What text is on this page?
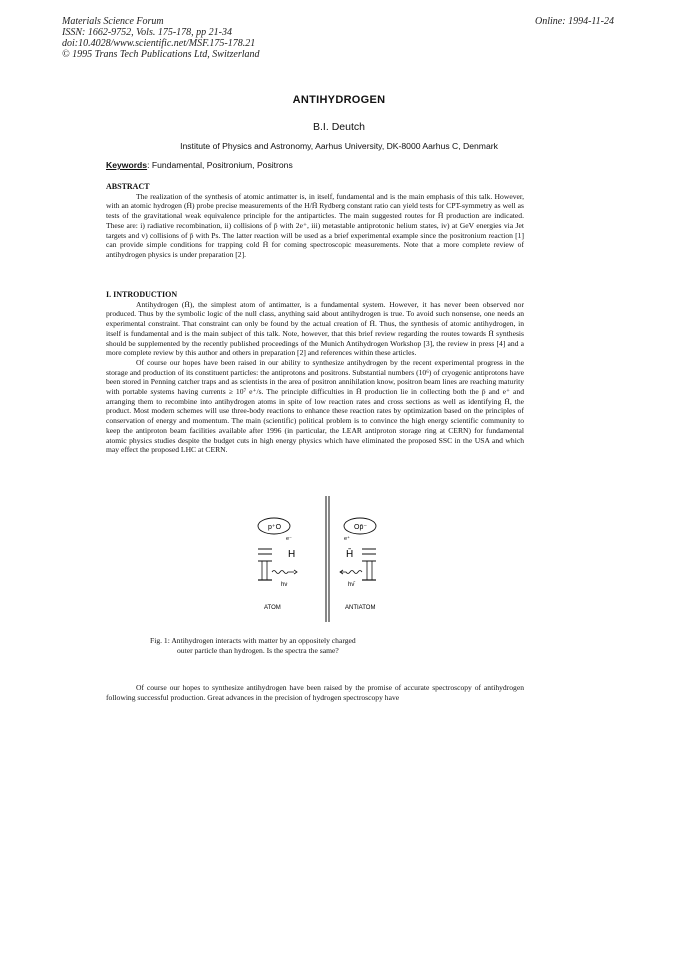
Materials Science Forum
ISSN: 1662-9752, Vols. 175-178, pp 21-34
doi:10.4028/www.scientific.net/MSF.175-178.21
© 1995 Trans Tech Publications Ltd, Switzerland
Online: 1994-11-24
ANTIHYDROGEN
B.I. Deutch
Institute of Physics and Astronomy, Aarhus University, DK-8000 Aarhus C, Denmark
Keywords: Fundamental, Positronium, Positrons

ABSTRACT

The realization of the synthesis of atomic antimatter is, in itself, fundamental and is the main emphasis of this talk. However, with an atomic hydrogen (H̄) probe precise measurements of the H/H̄ Rydberg constant ratio can yield tests for CPT-symmetry as well as tests of the gravitational weak equivalence principle for the antiparticles. The main suggested routes for H̄ production are indicated. These are: i) radiative recombination, ii) collisions of p̄ with 2e⁺, iii) metastable antiprotonic helium states, iv) at GeV energies via Jet targets and v) collisions of p̄ with Ps. The latter reaction will be used as a brief experimental example since the positronium reaction [1] can provide simple conditions for trapping cold H̄ for coming spectroscopic measurements. Note that a more complete review of antihydrogen physics is under preparation [2].

I. INTRODUCTION

Antihydrogen (H̄), the simplest atom of antimatter, is a fundamental system. However, it has never been observed nor produced. Thus by the symbolic logic of the null class, anything said about antihydrogen is true. To avoid such nonsense, one needs an experimental constraint. That constraint can only be found by the actual creation of H̄. Thus, the synthesis of atomic antihydrogen, in itself is fundamental and is the main subject of this talk. Note, however, that this brief review regarding the routes towards H̄ synthesis should be supplemented by the recently published proceedings of the Munich Antihydrogen Workshop [3], the review in press [4] and a more complete review by this author and others in preparation [2] and references within these articles.

Of course our hopes have been raised in our ability to synthesize antihydrogen by the recent experimental progress in the storage and production of its constituent particles: the antiprotons and positrons. Substantial numbers (10⁶) of cryogenic antiprotons have been stored in Penning catcher traps and as scientists in the area of positron annihilation know, positron beam lines are reaching maturity with portable systems having currents ≥ 10⁷ e⁺/s. The principle difficulties in H̄ production lie in collecting both the p̄ and e⁺ and arranging them to recombine into antihydrogen atoms in spite of low reaction rates and cross sections as well as identifying H̄, the product. Most modern schemes will use three-body reactions to enhance these reaction rates by optimization based on the principles of conservation of energy and momentum. The main (scientific) political problem is to convince the high energy scientific community to keep the antiproton beam facilities available after 1996 (in particular, the LEAR antiproton storage ring at CERN) for fundamental atomic physics studies despite the budget cuts in high energy physics which have eliminated the proposed SSC in the USA and which may effect the proposed LHC at CERN.

p⁺O
e⁻
H
hν
ATOM
Op̄⁻
e⁺
H̄
hν̄
ANTIATOM
Fig. 1: Antihydrogen interacts with matter by an oppositely charged
outer particle than hydrogen. Is the spectra the same?

Of course our hopes to synthesize antihydrogen have been raised by the promise of accurate spectroscopy of antihydrogen following successful production. Great advances in the precision of hydrogen spectroscopy have
